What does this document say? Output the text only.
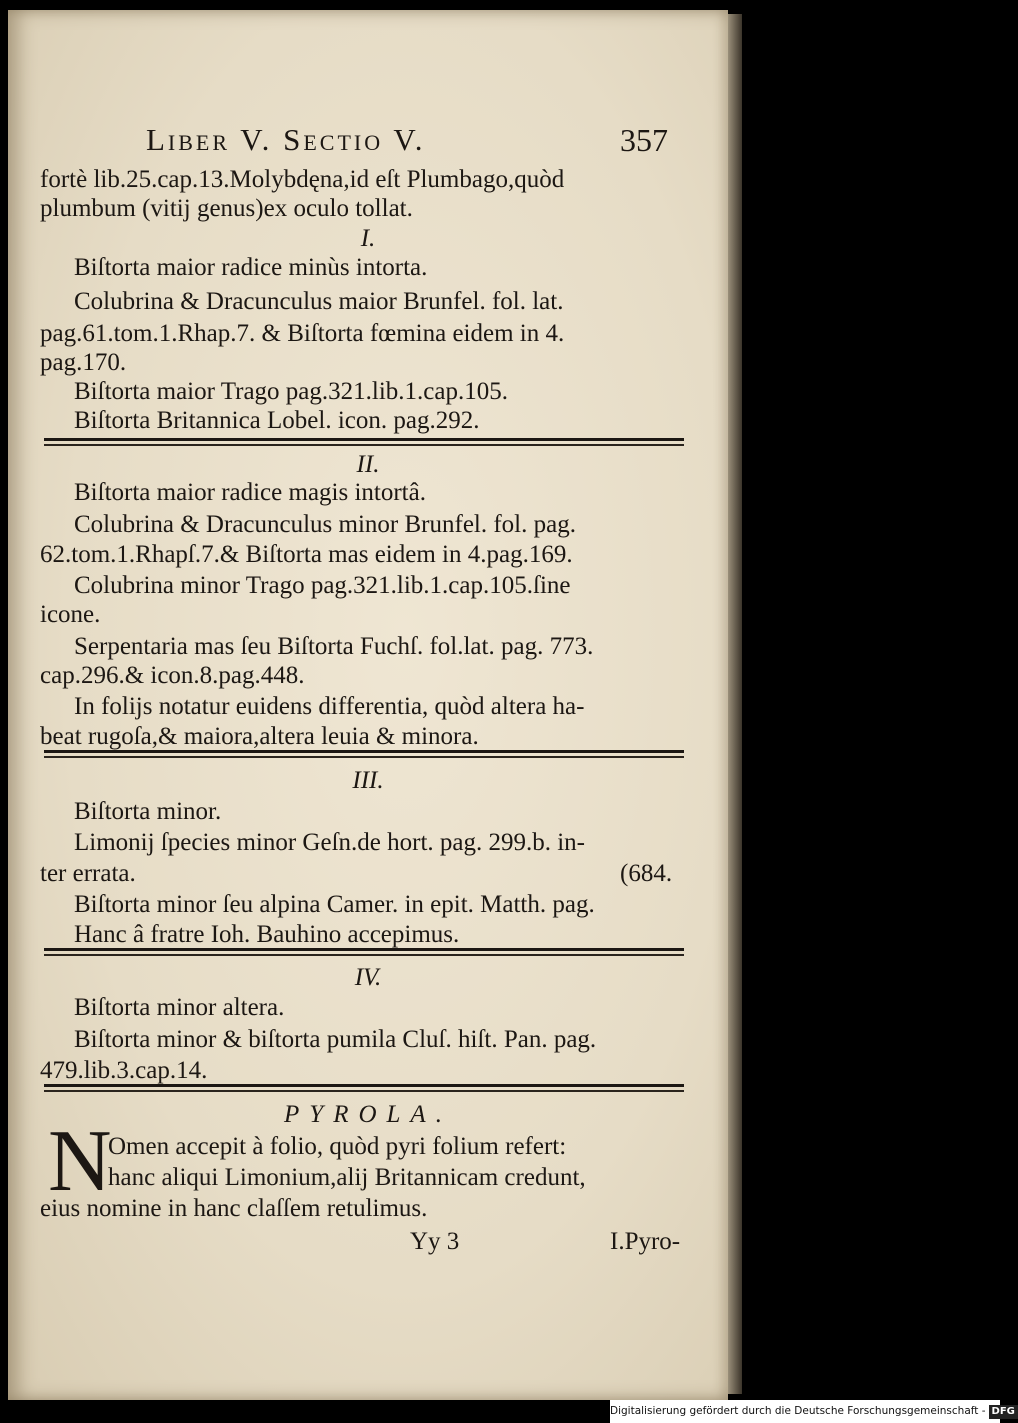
Liber V. Sectio V.	357
fortè lib.25.cap.13.Molybdęna,id eſt Plumbago,quòd
plumbum (vitij genus)ex oculo tollat.
I.
Biſtorta maior radice minùs intorta.
Colubrina & Dracunculus maior Brunfel. fol. lat.
pag.61.tom.1.Rhap.7. & Biſtorta fœmina eidem in 4.
pag.170.
Biſtorta maior Trago pag.321.lib.1.cap.105.
Biſtorta Britannica Lobel. icon. pag.292.
II.
Biſtorta maior radice magis intortâ.
Colubrina & Dracunculus minor Brunfel. fol. pag.
62.tom.1.Rhapſ.7.& Biſtorta mas eidem in 4.pag.169.
Colubrina minor Trago pag.321.lib.1.cap.105.ſine
icone.
Serpentaria mas ſeu Biſtorta Fuchſ. fol.lat. pag. 773.
cap.296.& icon.8.pag.448.
In folijs notatur euidens differentia, quòd altera ha-
beat rugoſa,& maiora,altera leuia & minora.
III.
Biſtorta minor.
Limonij ſpecies minor Geſn.de hort. pag. 299.b. in-
ter errata.	(684.
Biſtorta minor ſeu alpina Camer. in epit. Matth. pag.
Hanc â fratre Ioh. Bauhino accepimus.
IV.
Biſtorta minor altera.
Biſtorta minor & biſtorta pumila Cluſ. hiſt. Pan. pag.
479.lib.3.cap.14.
PYROLA.
N
Omen accepit à folio, quòd pyri folium refert:
hanc aliqui Limonium,alij Britannicam credunt,
eius nomine in hanc claſſem retulimus.
Yy 3	I.Pyro-
Digitalisierung gefördert durch die Deutsche Forschungsgemeinschaft - DFG
